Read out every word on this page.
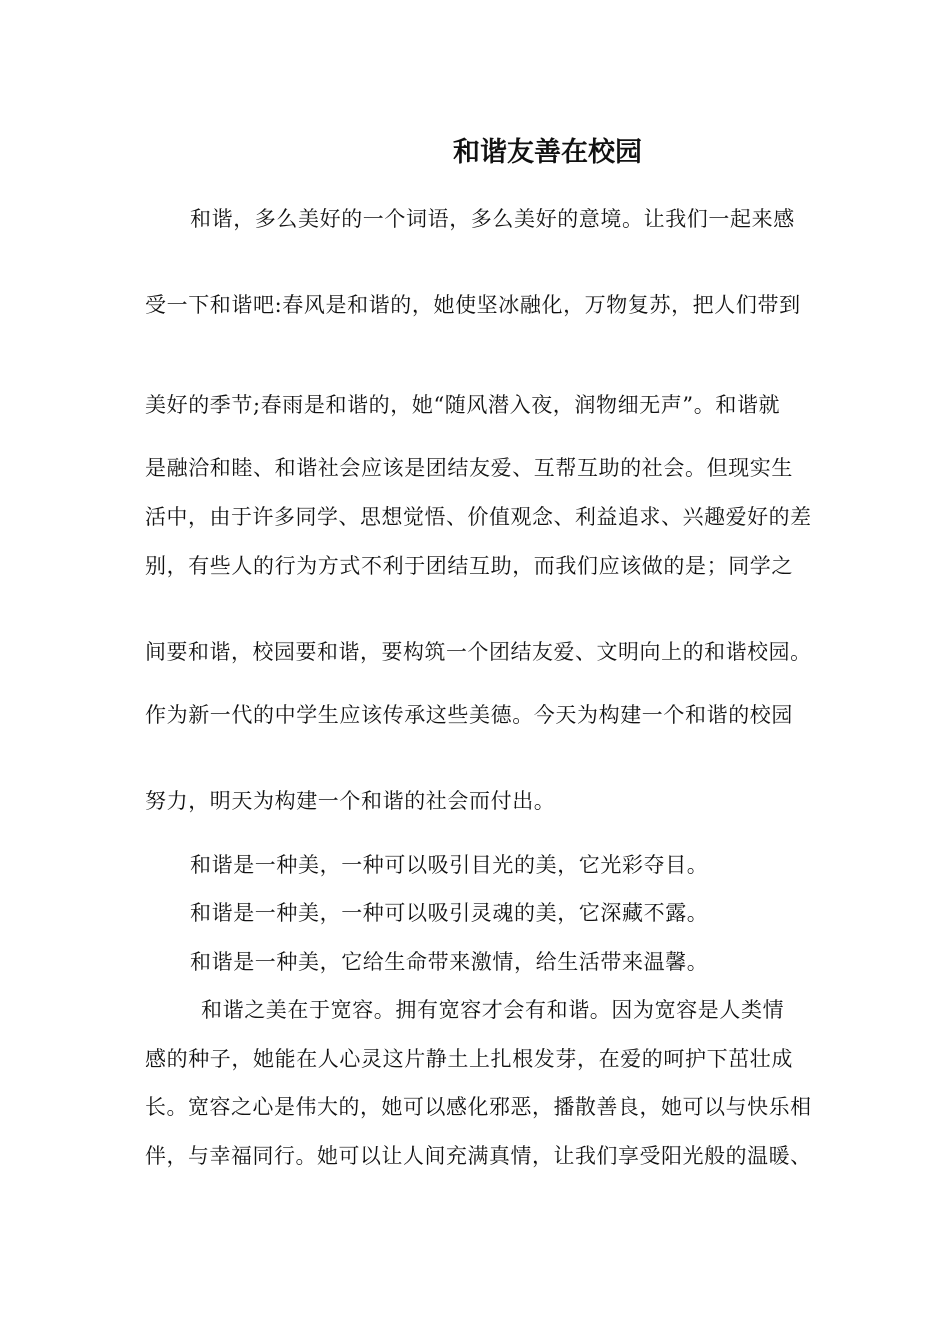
和谐友善在校园
和谐，多么美好的一个词语，多么美好的意境。让我们一起来感
受一下和谐吧:春风是和谐的，她使坚冰融化，万物复苏，把人们带到
美好的季节;春雨是和谐的，她“随风潜入夜，润物细无声”。和谐就
是融洽和睦、和谐社会应该是团结友爱、互帮互助的社会。但现实生
活中，由于许多同学、思想觉悟、价值观念、利益追求、兴趣爱好的差
别，有些人的行为方式不利于团结互助，而我们应该做的是；同学之
间要和谐，校园要和谐，要构筑一个团结友爱、文明向上的和谐校园。
作为新一代的中学生应该传承这些美德。今天为构建一个和谐的校园
努力，明天为构建一个和谐的社会而付出。
和谐是一种美，一种可以吸引目光的美，它光彩夺目。
和谐是一种美，一种可以吸引灵魂的美，它深藏不露。
和谐是一种美，它给生命带来激情，给生活带来温馨。
和谐之美在于宽容。拥有宽容才会有和谐。因为宽容是人类情
感的种子，她能在人心灵这片静土上扎根发芽，在爱的呵护下茁壮成
长。宽容之心是伟大的，她可以感化邪恶，播散善良，她可以与快乐相
伴，与幸福同行。她可以让人间充满真情，让我们享受阳光般的温暖、
